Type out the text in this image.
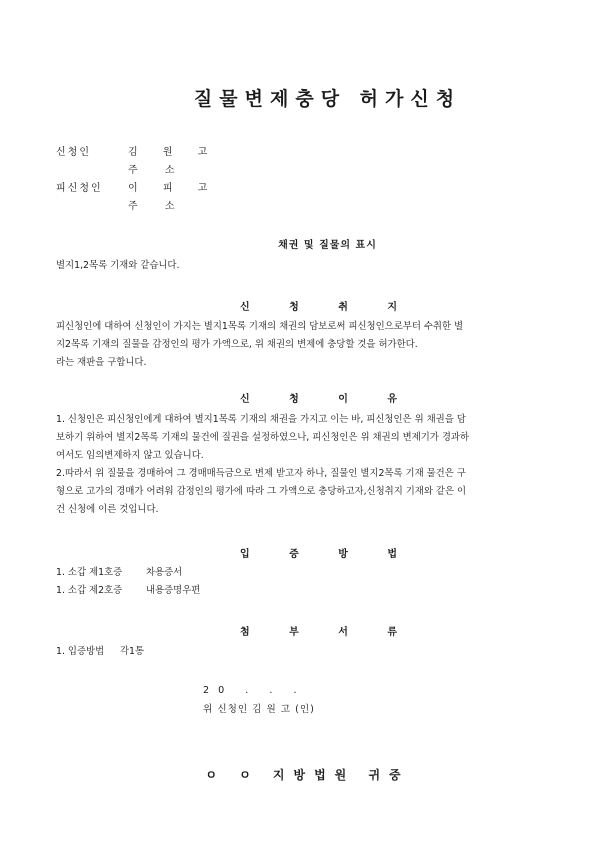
질물변제충당 허가신청
신청인	김 원 고
주 소
피신청인	이 피 고
주 소
채권 및 질물의 표시
별지1,2목록 기재와 같습니다.
신 청 취 지
피신청인에 대하여 신청인이 가지는 별지1목록 기재의 채권의 담보로써 피신청인으로부터 수취한 별
지2목록 기재의 질물을 감정인의 평가 가액으로, 위 채권의 변제에 충당할 것을 허가한다.
라는 재판을 구합니다.
신 청 이 유
1. 신청인은 피신청인에게 대하여 별지1목록 기재의 채권을 가지고 이는 바, 피신청인은 위 채권을 담
보하기 위하여 별지2목록 기재의 물건에 질권을 설정하였으나, 피신청인은 위 채권의 변제기가 경과하
여서도 임의변제하지 않고 있습니다.
2.따라서 위 질물을 경매하여 그 경매매득금으로 변제 받고자 하나, 질물인 별지2목록 기재 물건은 구
형으로 고가의 경매가 어려워 감정인의 평가에 따라 그 가액으로 충당하고자,신청취지 기재와 같은 이
건 신청에 이른 것입니다.
입 증 방 법
1. 소갑 제1호증	차용증서
1. 소갑 제2호증	내용증명우편
첨 부 서 류
1. 입증방법	각1통
20 . . .
위 신청인 김 원 고 (인)
ㅇ ㅇ 지방법원 귀중
